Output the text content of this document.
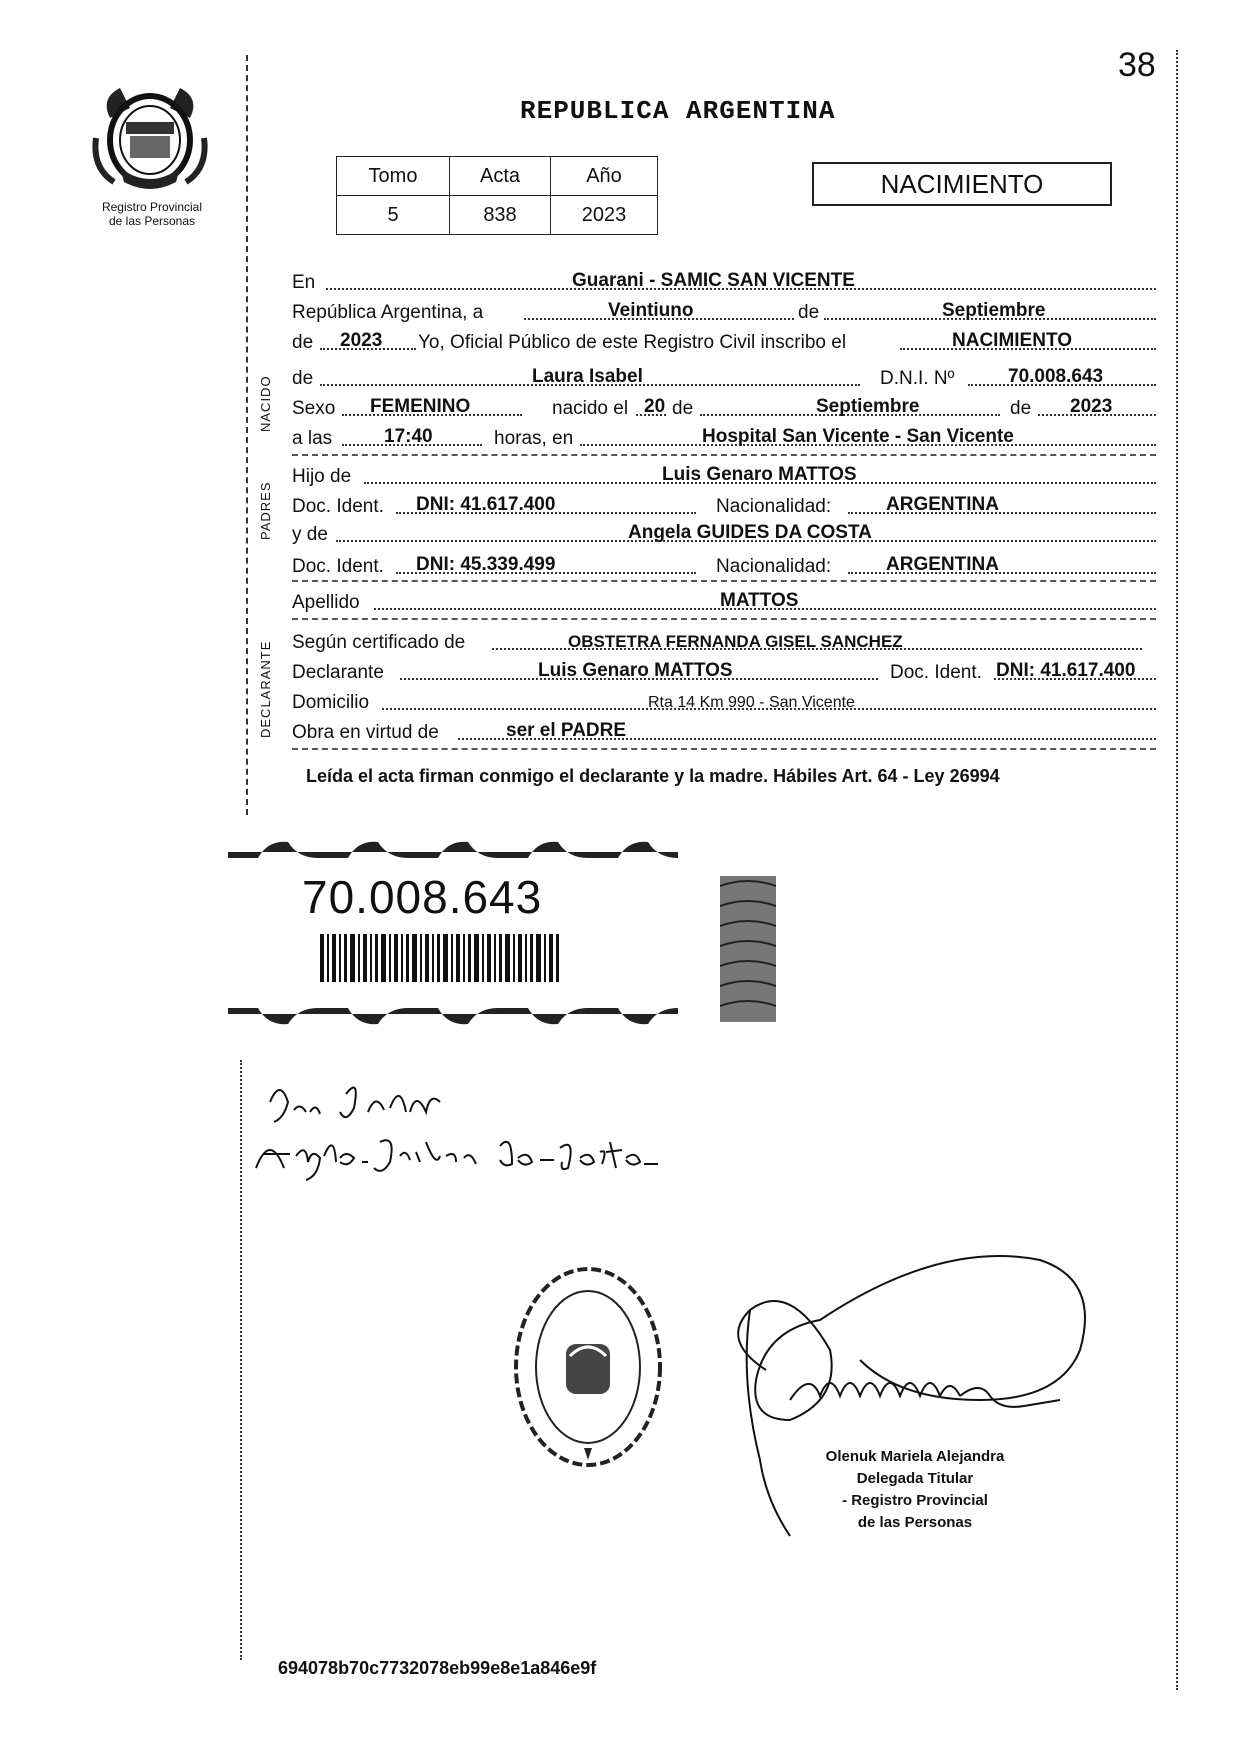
38
Registro Provincial
de las Personas
REPUBLICA ARGENTINA
Tomo	Acta	Año
5	838	2023
NACIMIENTO
NACIDO
PADRES
DECLARANTE
En	Guarani - SAMIC SAN VICENTE
República Argentina, a	Veintiuno	de	Septiembre
de 2023 Yo, Oficial Público de este Registro Civil inscribo el	NACIMIENTO
de	Laura Isabel	D.N.I. Nº	70.008.643
Sexo FEMENINO	nacido el 20 de	Septiembre	de 2023
a las	17:40	horas, en	Hospital San Vicente - San Vicente
Hijo de	Luis Genaro MATTOS
Doc. Ident. DNI: 41.617.400	Nacionalidad:	ARGENTINA
y de	Angela GUIDES DA COSTA
Doc. Ident. DNI: 45.339.499	Nacionalidad:	ARGENTINA
Apellido	MATTOS
Según certificado de	OBSTETRA FERNANDA GISEL SANCHEZ
Declarante	Luis Genaro MATTOS	Doc. Ident. DNI: 41.617.400
Domicilio	Rta 14 Km 990 - San Vicente
Obra en virtud de	ser el PADRE
Leída el acta firman conmigo el declarante y la madre. Hábiles Art. 64 - Ley 26994
70.008.643
Olenuk Mariela Alejandra
Delegada Titular
- Registro Provincial
de las Personas
694078b70c7732078eb99e8e1a846e9f
